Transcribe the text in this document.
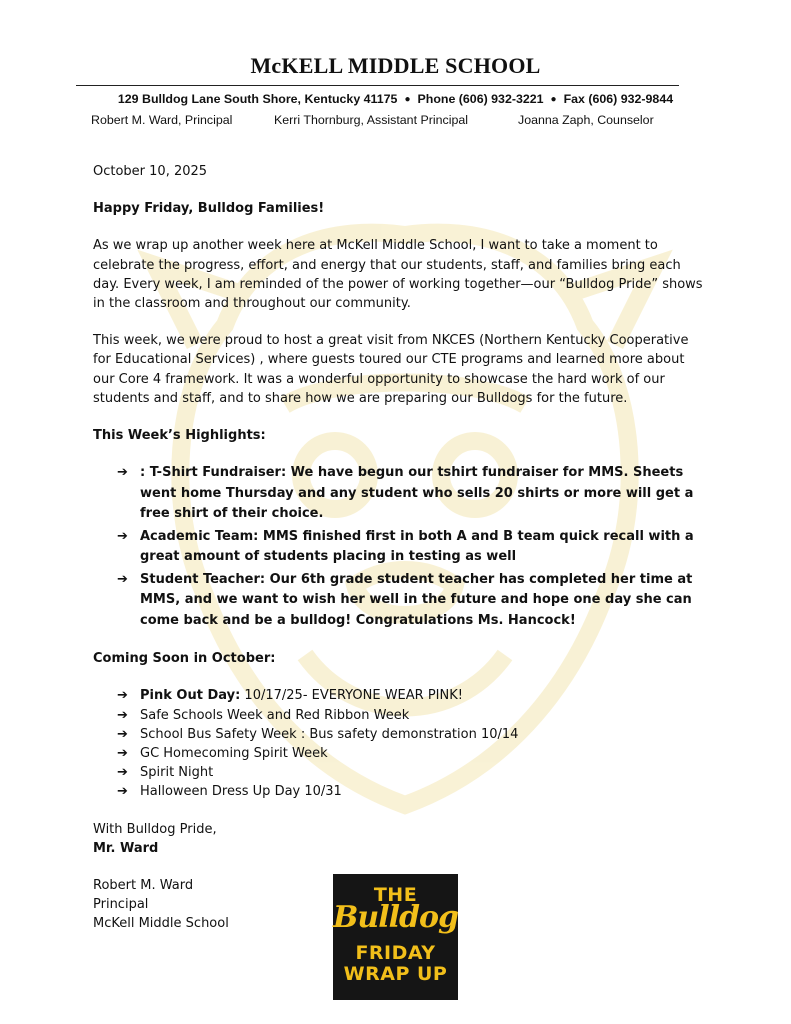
McKELL MIDDLE SCHOOL
129 Bulldog Lane South Shore, Kentucky 41175 ● Phone (606) 932-3221 ● Fax (606) 932-9844
Robert M. Ward, Principal	Kerri Thornburg, Assistant Principal	Joanna Zaph, Counselor

October 10, 2025

Happy Friday, Bulldog Families!

As we wrap up another week here at McKell Middle School, I want to take a moment to celebrate the progress, effort, and energy that our students, staff, and families bring each day. Every week, I am reminded of the power of working together—our “Bulldog Pride” shows in the classroom and throughout our community.

This week, we were proud to host a great visit from NKCES (Northern Kentucky Cooperative for Educational Services) , where guests toured our CTE programs and learned more about our Core 4 framework. It was a wonderful opportunity to showcase the hard work of our students and staff, and to share how we are preparing our Bulldogs for the future.

This Week’s Highlights:

➔ : T-Shirt Fundraiser: We have begun our tshirt fundraiser for MMS. Sheets went home Thursday and any student who sells 20 shirts or more will get a free shirt of their choice.
➔ Academic Team: MMS finished first in both A and B team quick recall with a great amount of students placing in testing as well
➔ Student Teacher: Our 6th grade student teacher has completed her time at MMS, and we want to wish her well in the future and hope one day she can come back and be a bulldog! Congratulations Ms. Hancock!

Coming Soon in October:

➔ Pink Out Day: 10/17/25- EVERYONE WEAR PINK!
➔ Safe Schools Week and Red Ribbon Week
➔ School Bus Safety Week : Bus safety demonstration 10/14
➔ GC Homecoming Spirit Week
➔ Spirit Night
➔ Halloween Dress Up Day 10/31
With Bulldog Pride,
Mr. Ward
Robert M. Ward
Principal
McKell Middle School
THE
Bulldog
FRIDAY
WRAP UP
